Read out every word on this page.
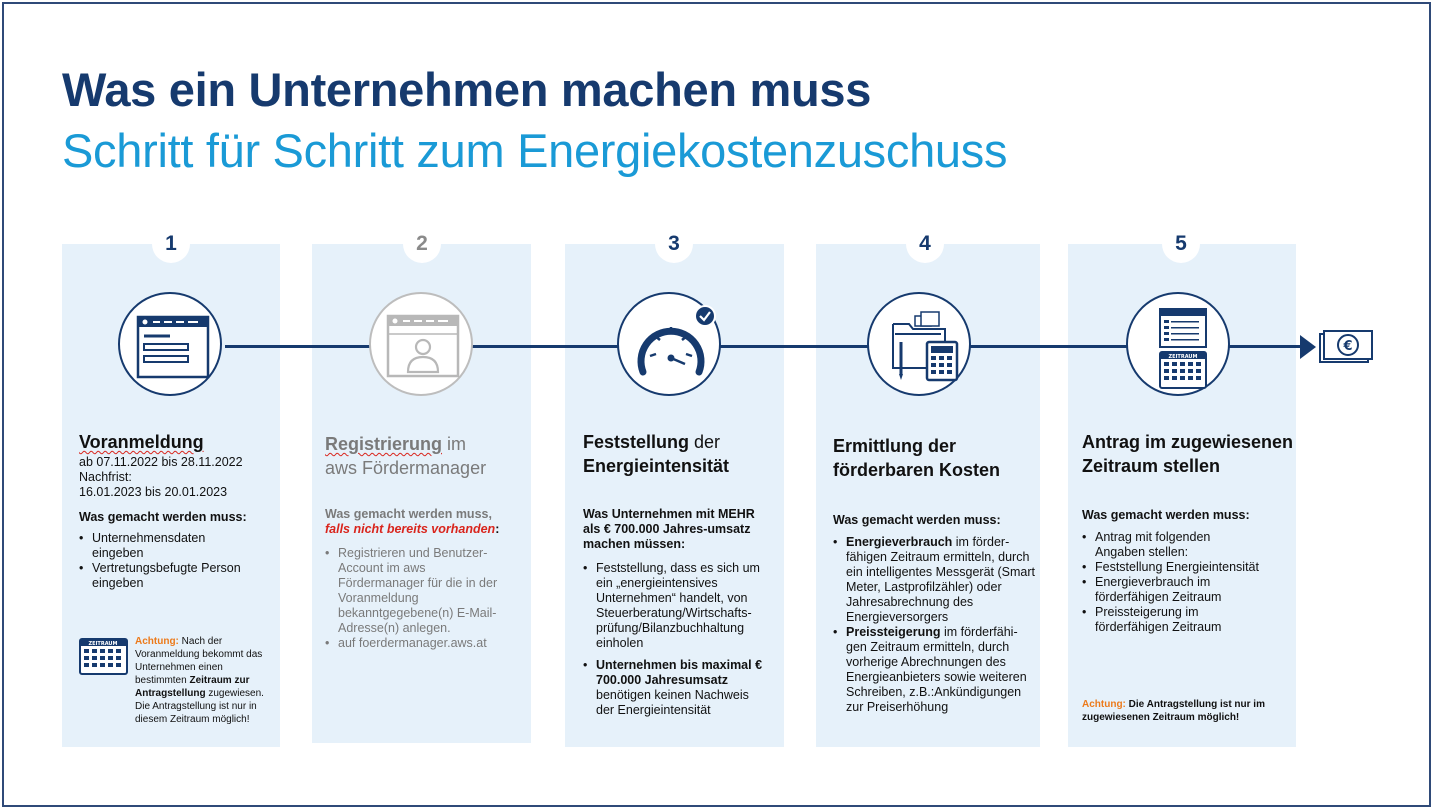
Was ein Unternehmen machen muss
Schritt für Schritt zum Energiekostenzuschuss
1	2	3	4	5
ZEITRAUM
€
Voranmeldung
ab 07.11.2022 bis 28.11.2022
Nachfrist:
16.01.2023 bis 20.01.2023
Was gemacht werden muss:
• Unternehmensdaten eingeben
• Vertretungsbefugte Person eingeben
ZEITRAUM Achtung: Nach der Voranmeldung bekommt das Unternehmen einen bestimmten Zeitraum zur Antragstellung zugewiesen. Die Antragstellung ist nur in diesem Zeitraum möglich!
Registrierung im
aws Fördermanager
Was gemacht werden muss,
falls nicht bereits vorhanden:
• Registrieren und Benutzer-Account im aws Fördermanager für die in der Voranmeldung bekanntgegebene(n) E-Mail-Adresse(n) anlegen.
• auf foerdermanager.aws.at
Feststellung der
Energieintensität
Was Unternehmen mit MEHR als € 700.000 Jahres-umsatz machen müssen:
• Feststellung, dass es sich um ein „energieintensives Unternehmen“ handelt, von Steuerberatung/Wirtschafts-prüfung/Bilanzbuchhaltung einholen
• Unternehmen bis maximal € 700.000 Jahresumsatz benötigen keinen Nachweis der Energieintensität
Ermittlung der
förderbaren Kosten
Was gemacht werden muss:
• Energieverbrauch im förder-fähigen Zeitraum ermitteln, durch ein intelligentes Messgerät (Smart Meter, Lastprofilzähler) oder Jahresabrechnung des Energieversorgers
• Preissteigerung im förderfähi-gen Zeitraum ermitteln, durch vorherige Abrechnungen des Energieanbieters sowie weiteren Schreiben, z.B.:Ankündigungen zur Preiserhöhung
Antrag im zugewiesenen
Zeitraum stellen
Was gemacht werden muss:
• Antrag mit folgenden Angaben stellen:
• Feststellung Energieintensität
• Energieverbrauch im förderfähigen Zeitraum
• Preissteigerung im förderfähigen Zeitraum
Achtung: Die Antragstellung ist nur im zugewiesenen Zeitraum möglich!
